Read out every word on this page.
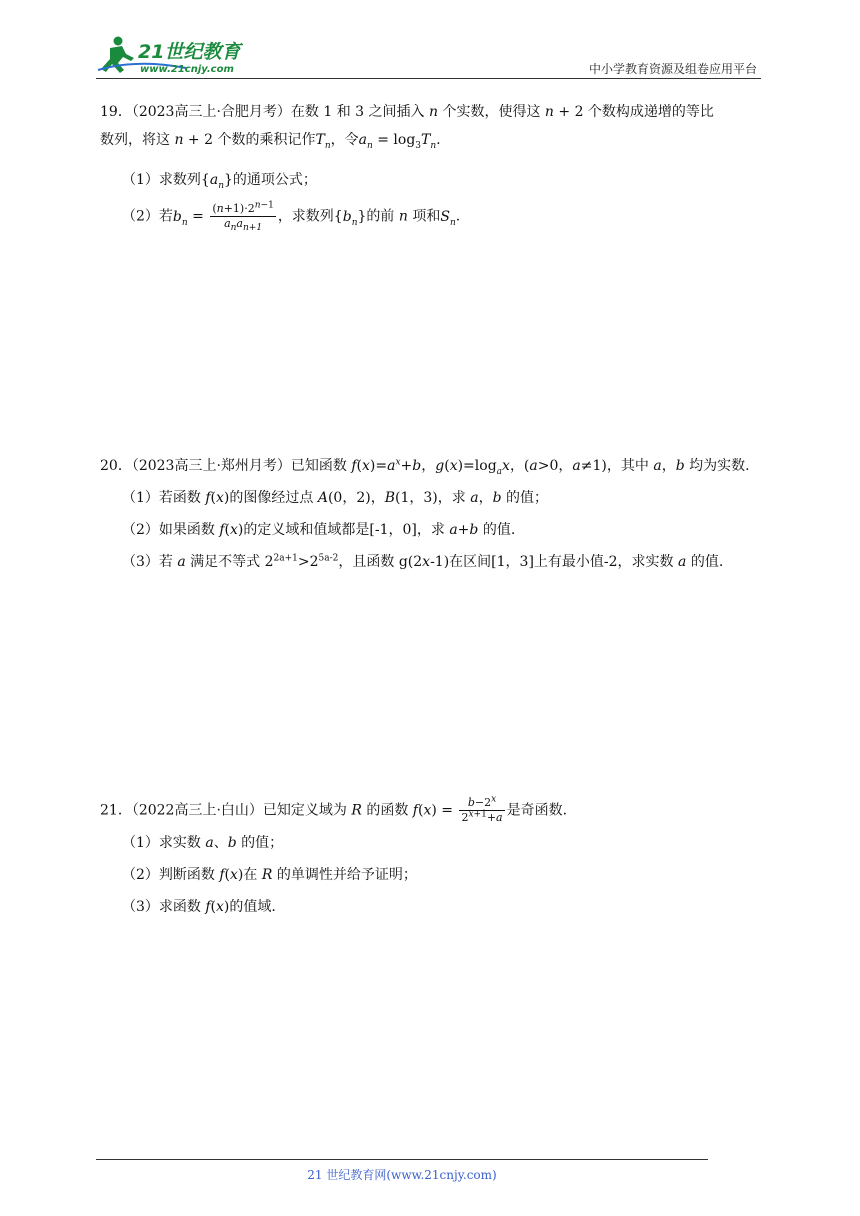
21世纪教育
www.21cnjy.com	中小学教育资源及组卷应用平台

19．（2023高三上·合肥月考）在数 1 和 3 之间插入 n 个实数，使得这 n + 2 个数构成递增的等比

数列，将这 n + 2 个数的乘积记作$T_n$，令$a_n = \log_3T_n$.

（1）求数列$\{a_n\}$的通项公式；

（2）若$b_n = \frac{(n+1)\cdot 2^{n-1}}{a_na_{n+1}}$ ，求数列$\{b_n\}$的前 n 项和$S_n$.

20．（2023高三上·郑州月考）已知函数 $f(x)=a^x+b$，$g(x)=\log_ax$，(a>0，a≠1)，其中 a，b 均为实数.

（1）若函数 f(x)的图像经过点 A(0，2)，B(1，3)，求 a，b 的值；

（2）如果函数 f(x)的定义域和值域都是[-1，0]，求 a+b 的值.

（3）若 a 满足不等式 $2^{2a+1}>2^{5a-2}$，且函数 g(2x-1)在区间[1，3]上有最小值-2，求实数 a 的值.

21．（2022高三上·白山）已知定义域为 R 的函数 $f(x) = \frac{b-2^x}{2^{x+1}+a}$ 是奇函数.

（1）求实数 a、b 的值；

（2）判断函数 f(x)在 R 的单调性并给予证明；

（3）求函数 f(x)的值域.

21 世纪教育网(www.21cnjy.com)
